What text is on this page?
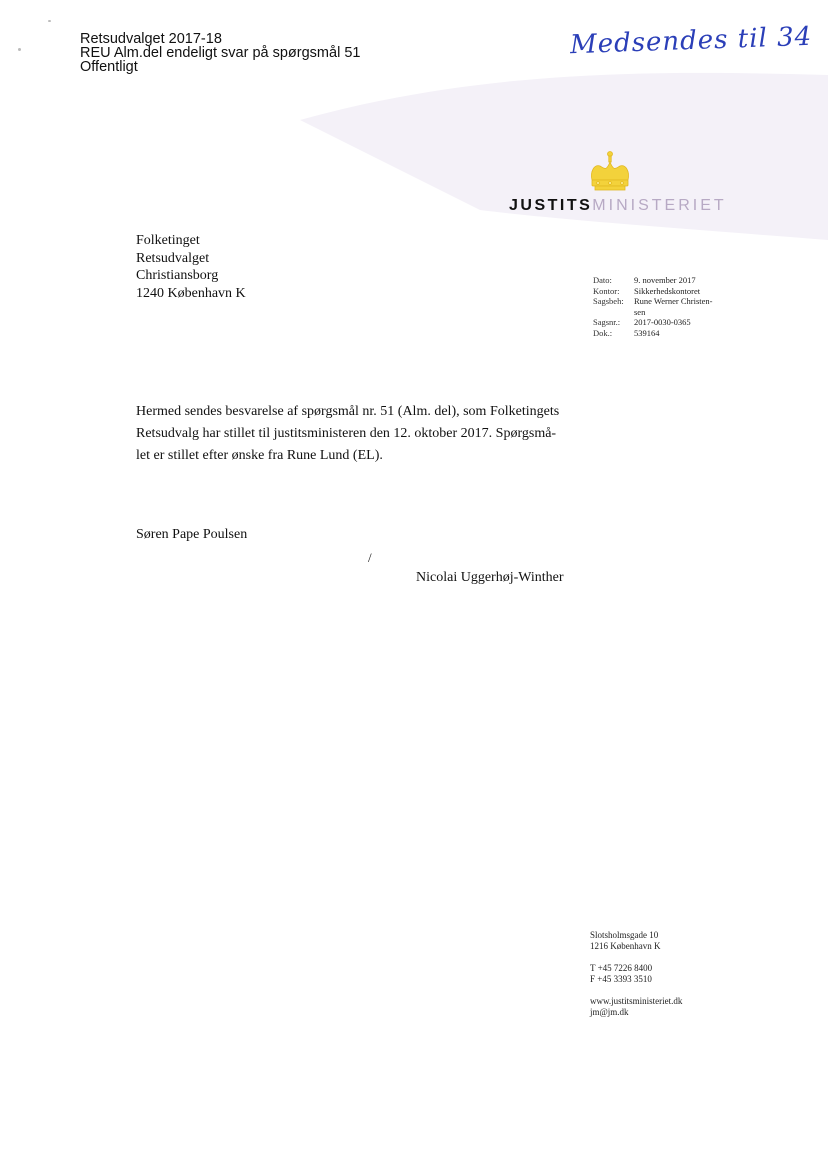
Retsudvalget 2017-18
REU Alm.del endeligt svar på spørgsmål 51
Offentligt
Medsendes til 34
JUSTITSMINISTERIET
Folketinget
Retsudvalget
Christiansborg
1240 København K
Dato:	9. november 2017
Kontor:	Sikkerhedskontoret
Sagsbeh:	Rune Werner Christen-
sen
Sagsnr.:	2017-0030-0365
Dok.:	539164
Hermed sendes besvarelse af spørgsmål nr. 51 (Alm. del), som Folketingets
Retsudvalg har stillet til justitsministeren den 12. oktober 2017. Spørgsmå-
let er stillet efter ønske fra Rune Lund (EL).
Søren Pape Poulsen
/
Nicolai Uggerhøj-Winther
Slotsholmsgade 10
1216 København K
T +45 7226 8400
F +45 3393 3510
www.justitsministeriet.dk
jm@jm.dk
